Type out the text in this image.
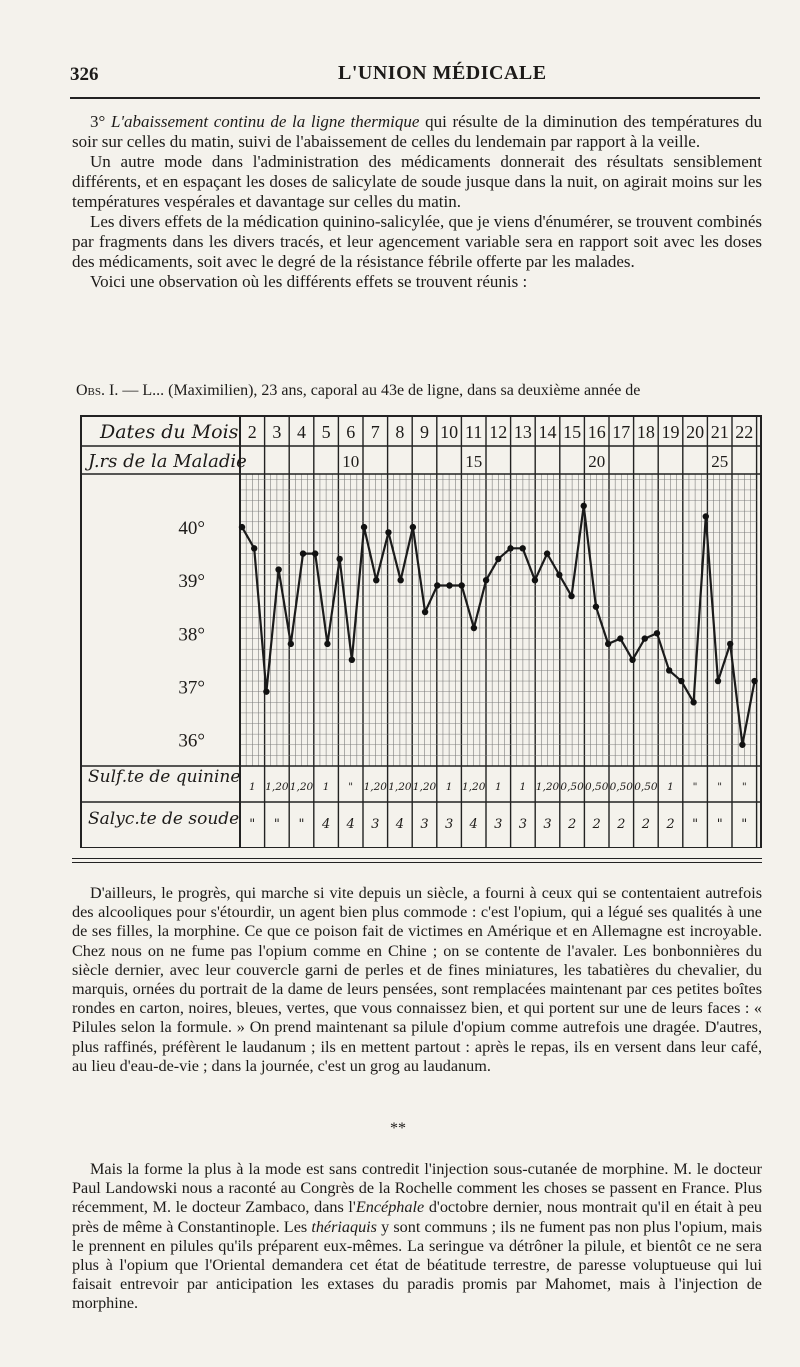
326	L'UNION MÉDICALE

3° L'abaissement continu de la ligne thermique qui résulte de la diminution des températures du soir sur celles du matin, suivi de l'abaissement de celles du lendemain par rapport à la veille.

Un autre mode dans l'administration des médicaments donnerait des résultats sensiblement différents, et en espaçant les doses de salicylate de soude jusque dans la nuit, on agirait moins sur les températures vespérales et davantage sur celles du matin.

Les divers effets de la médication quinino-salicylée, que je viens d'énumérer, se trouvent combinés par fragments dans les divers tracés, et leur agencement variable sera en rapport soit avec les doses des médicaments, soit avec le degré de la résistance fébrile offerte par les malades.

Voici une observation où les différents effets se trouvent réunis :

Obs. I. — L... (Maximilien), 23 ans, caporal au 43e de ligne, dans sa deuxième année de
Dates du Mois
J.rs de la Maladie
Sulf.te de quinine
Salyc.te de soude
40°
39°
38°
37°
36°
2
1
"
3
1,20
"
4
1,20
"
5
1
4
6
10
"
4
7
1,20
3
8
1,20
4
9
1,20
3
10
1
3
11
15
1,20
4
12
1
3
13
1
3
14
1,20
3
15
0,50
2
16
20
0,50
2
17
0,50
2
18
0,50
2
19
1
2
20
"
"
21
25
"
"
22
"
"

D'ailleurs, le progrès, qui marche si vite depuis un siècle, a fourni à ceux qui se contentaient autrefois des alcooliques pour s'étourdir, un agent bien plus commode : c'est l'opium, qui a légué ses qualités à une de ses filles, la morphine. Ce que ce poison fait de victimes en Amérique et en Allemagne est incroyable. Chez nous on ne fume pas l'opium comme en Chine ; on se contente de l'avaler. Les bonbonnières du siècle dernier, avec leur couvercle garni de perles et de fines miniatures, les tabatières du chevalier, du marquis, ornées du portrait de la dame de leurs pensées, sont remplacées maintenant par ces petites boîtes rondes en carton, noires, bleues, vertes, que vous connaissez bien, et qui portent sur une de leurs faces : « Pilules selon la formule. » On prend maintenant sa pilule d'opium comme autrefois une dragée. D'autres, plus raffinés, préfèrent le laudanum ; ils en mettent partout : après le repas, ils en versent dans leur café, au lieu d'eau-de-vie ; dans la journée, c'est un grog au laudanum.

**

Mais la forme la plus à la mode est sans contredit l'injection sous-cutanée de morphine. M. le docteur Paul Landowski nous a raconté au Congrès de la Rochelle comment les choses se passent en France. Plus récemment, M. le docteur Zambaco, dans l'Encéphale d'octobre dernier, nous montrait qu'il en était à peu près de même à Constantinople. Les thériaquis y sont communs ; ils ne fument pas non plus l'opium, mais le prennent en pilules qu'ils préparent eux-mêmes. La seringue va détrôner la pilule, et bientôt ce ne sera plus à l'opium que l'Oriental demandera cet état de béatitude terrestre, de paresse voluptueuse qui lui faisait entrevoir par anticipation les extases du paradis promis par Mahomet, mais à l'injection de morphine.
